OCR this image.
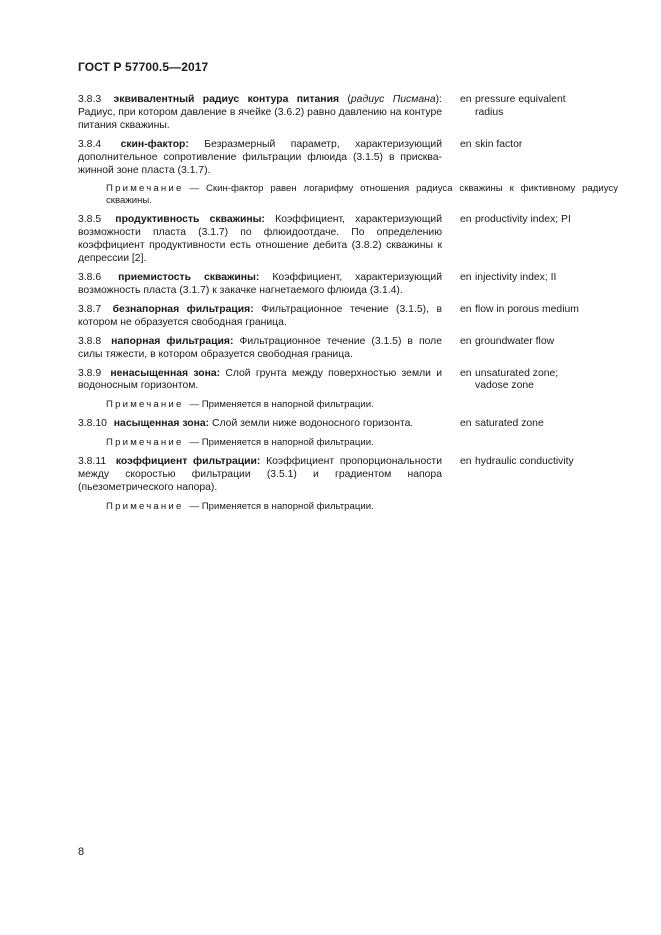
ГОСТ Р 57700.5—2017
3.8.3 эквивалентный радиус контура питания (радиус Писмана): Радиус, при котором давление в ячейке (3.6.2) равно давлению на контуре питания скважины.
en pressure equivalent radius
3.8.4 скин-фактор: Безразмерный параметр, характеризующий дополнительное сопротивление фильтрации флюида (3.1.5) в прискважинной зоне пласта (3.1.7).
en skin factor
Примечание — Скин-фактор равен логарифму отношения радиуса скважины к фиктивному радиусу скважины.
3.8.5 продуктивность скважины: Коэффициент, характеризующий возможности пласта (3.1.7) по флюидоотдаче. По определению коэффициент продуктивности есть отношение дебита (3.8.2) скважины к депрессии [2].
en productivity index; PI
3.8.6 приемистость скважины: Коэффициент, характеризующий возможность пласта (3.1.7) к закачке нагнетаемого флюида (3.1.4).
en injectivity index; II
3.8.7 безнапорная фильтрация: Фильтрационное течение (3.1.5), в котором не образуется свободная граница.
en flow in porous medium
3.8.8 напорная фильтрация: Фильтрационное течение (3.1.5) в поле силы тяжести, в котором образуется свободная граница.
en groundwater flow
3.8.9 ненасыщенная зона: Слой грунта между поверхностью земли и водоносным горизонтом.
en unsaturated zone; vadose zone
Примечание — Применяется в напорной фильтрации.
3.8.10 насыщенная зона: Слой земли ниже водоносного горизонта.	en saturated zone
Примечание — Применяется в напорной фильтрации.
3.8.11 коэффициент фильтрации: Коэффициент пропорциональности между скоростью фильтрации (3.5.1) и градиентом напора (пьезометрического напора).
en hydraulic conductivity
Примечание — Применяется в напорной фильтрации.
8
